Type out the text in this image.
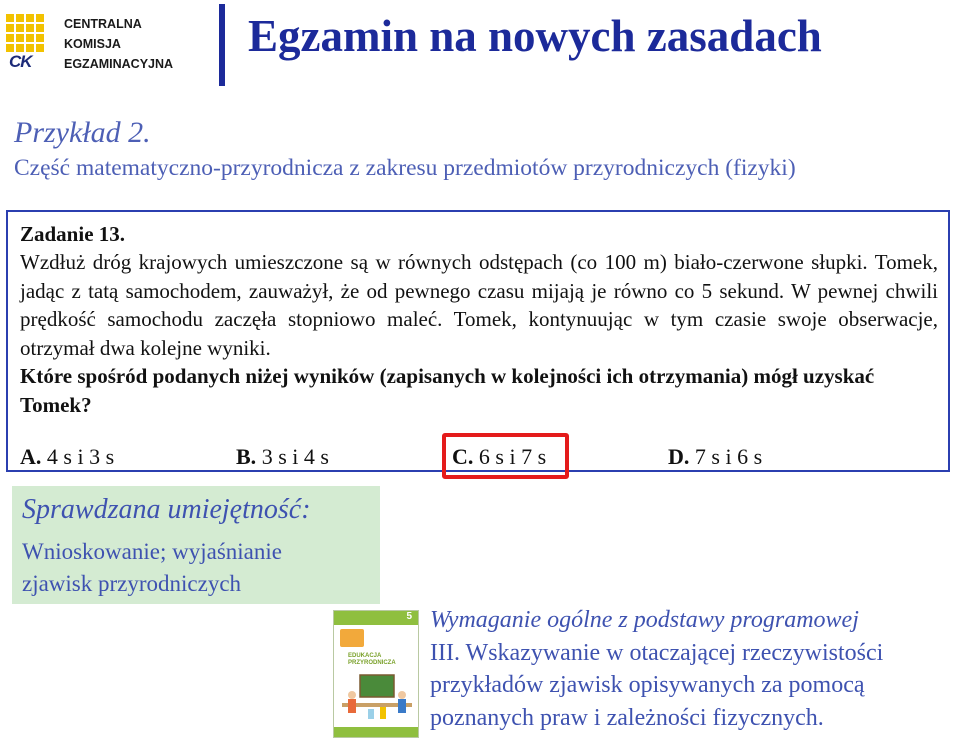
CK
CENTRALNA
KOMISJA
EGZAMINACYJNA
Egzamin na nowych zasadach
Przykład 2.
Część matematyczno-przyrodnicza z zakresu przedmiotów przyrodniczych (fizyki)
Zadanie 13.
Wzdłuż dróg krajowych umieszczone są w równych odstępach (co 100 m) biało-czerwone słupki. Tomek, jadąc z tatą samochodem, zauważył, że od pewnego czasu mijają je równo co 5 sekund. W pewnej chwili prędkość samochodu zaczęła stopniowo maleć. Tomek, kontynuując w tym czasie swoje obserwacje, otrzymał dwa kolejne wyniki.
Które spośród podanych niżej wyników (zapisanych w kolejności ich otrzymania) mógł uzyskać Tomek?
A. 4 s i 3 s	B. 3 s i 4 s	C. 6 s i 7 s	D. 7 s i 6 s
Sprawdzana umiejętność:
Wnioskowanie; wyjaśnianie
zjawisk przyrodniczych
5
EDUKACJA
PRZYRODNICZA
Wymaganie ogólne z podstawy programowej
III. Wskazywanie w otaczającej rzeczywistości
przykładów zjawisk opisywanych za pomocą
poznanych praw i zależności fizycznych.
